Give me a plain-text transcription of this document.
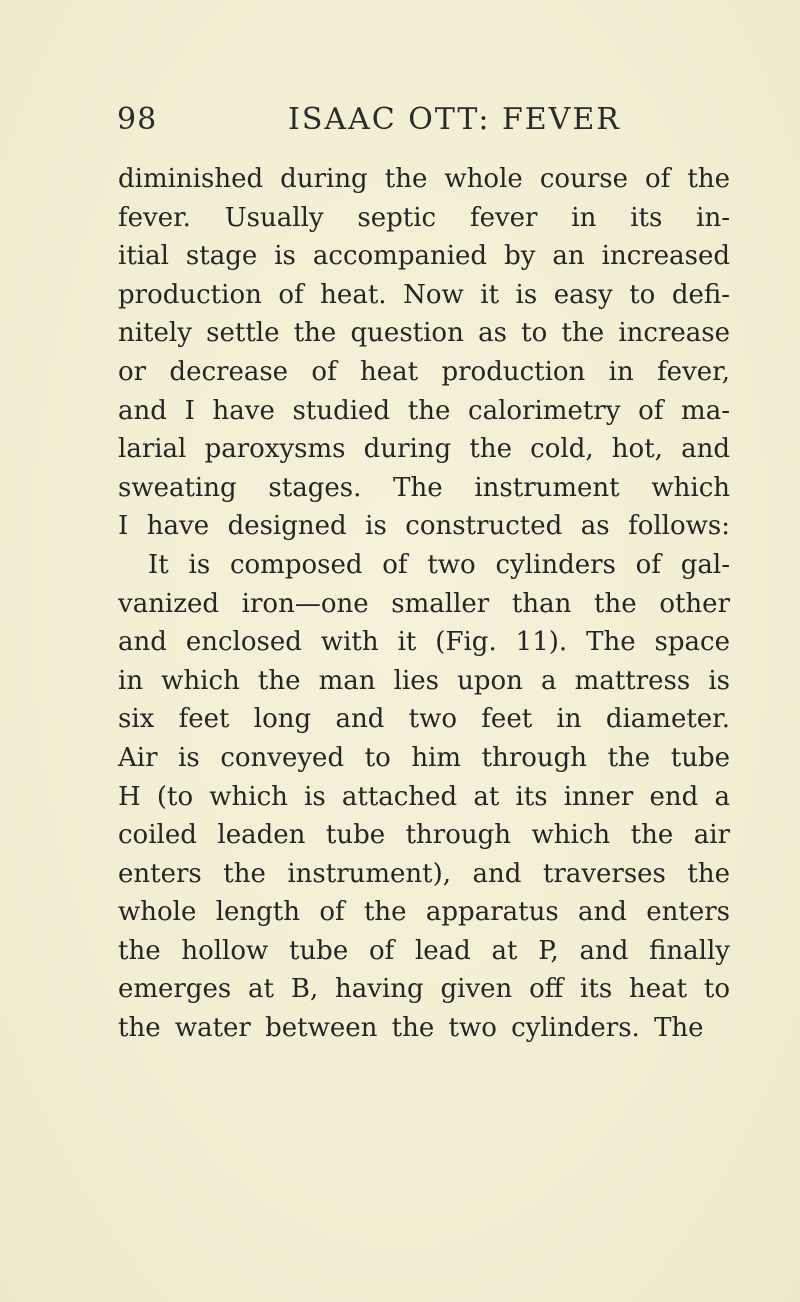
98	ISAAC OTT: FEVER
diminished during the whole course of the
fever. Usually septic fever in its in-
itial stage is accompanied by an increased
production of heat. Now it is easy to defi-
nitely settle the question as to the increase
or decrease of heat production in fever,
and I have studied the calorimetry of ma-
larial paroxysms during the cold, hot, and
sweating stages. The instrument which
I have designed is constructed as follows:
It is composed of two cylinders of gal-
vanized iron—one smaller than the other
and enclosed with it (Fig. 11). The space
in which the man lies upon a mattress is
six feet long and two feet in diameter.
Air is conveyed to him through the tube
H (to which is attached at its inner end a
coiled leaden tube through which the air
enters the instrument), and traverses the
whole length of the apparatus and enters
the hollow tube of lead at P, and finally
emerges at B, having given off its heat to
the water between the two cylinders. The
